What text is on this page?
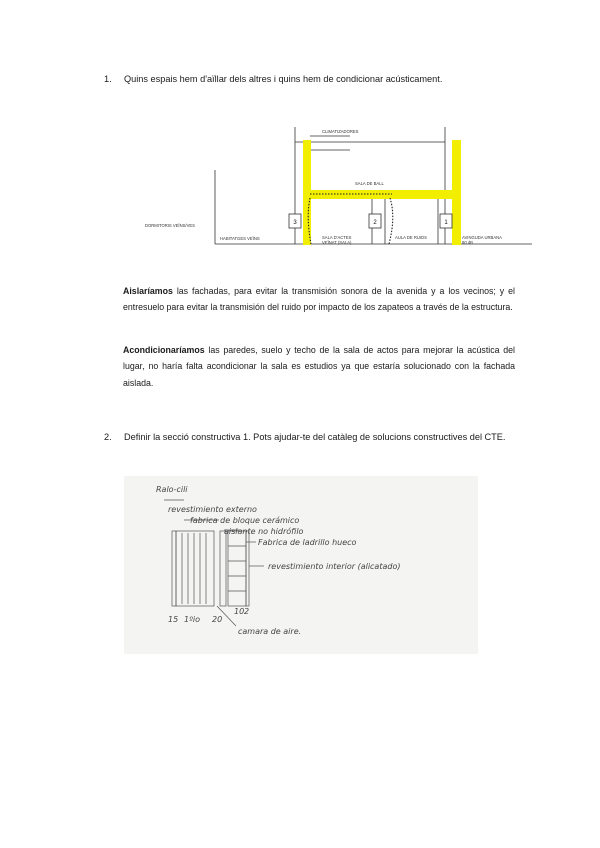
1. Quins espais hem d'aïllar dels altres i quins hem de condicionar acústicament.
3	2	1
CLIMATIZADORES
SALA DE BALL
DORMITORIS VEÏNS/VES
HABITATGES VEÏNS	SALA D'ACTES
VEÏNAT (SALA)
AULA DE RUIDS	AVINGUDA URBANA
80 dB
Aislaríamos las fachadas, para evitar la transmisión sonora de la avenida y a los vecinos; y el entresuelo para evitar la transmisión del ruido por impacto de los zapateos a través de la estructura.
Acondicionaríamos las paredes, suelo y techo de la sala de actos para mejorar la acústica del lugar, no haría falta acondicionar la sala es estudios ya que estaría solucionado con la fachada aislada.
2. Definir la secció constructiva 1. Pots ajudar-te del catàleg de solucions constructives del CTE.
Ralo-cili
revestimiento externo
fabrica de bloque cerámico
aislante no hidrófilo
Fabrica de ladrillo hueco
revestimiento interior (alicatado)
camara de aire.
15 1ºio 20
10 2
